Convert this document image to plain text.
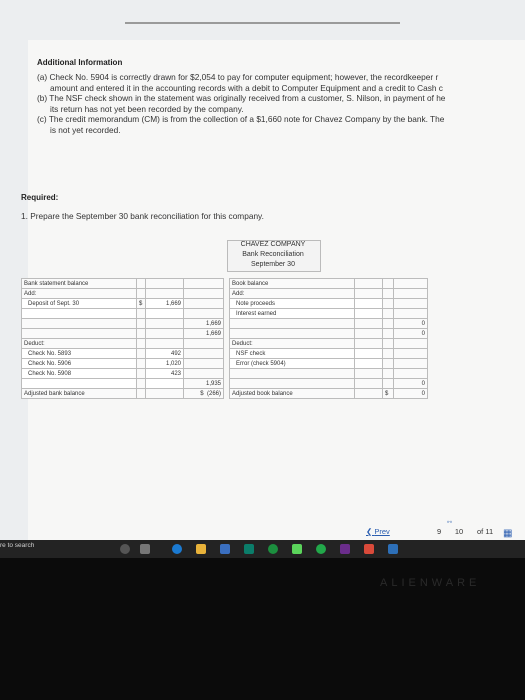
Additional Information
(a) Check No. 5904 is correctly drawn for $2,054 to pay for computer equipment; however, the recordkeeper r
amount and entered it in the accounting records with a debit to Computer Equipment and a credit to Cash c
(b) The NSF check shown in the statement was originally received from a customer, S. Nilson, in payment of he
its return has not yet been recorded by the company.
(c) The credit memorandum (CM) is from the collection of a $1,660 note for Chavez Company by the bank. The
is not yet recorded.
Required:
1. Prepare the September 30 bank reconciliation for this company.
CHAVEZ COMPANY
Bank Reconciliation
September 30
Bank statement balance					Book balance			
Add:					Add:			
Deposit of Sept. 30	$	1,669			Note proceeds			
					Interest earned			
			1,669					0
			1,669					0
Deduct:					Deduct:			
Check No. 5893		492			NSF check			
Check No. 5906		1,020			Error (check 5904)			
Check No. 5908		423						
			1,935					0
Adjusted bank balance			$ (266)		Adjusted book balance		$	0
⚯
❮ Prev	9	10	of 11 ▦
re to search
ALIENWARE
